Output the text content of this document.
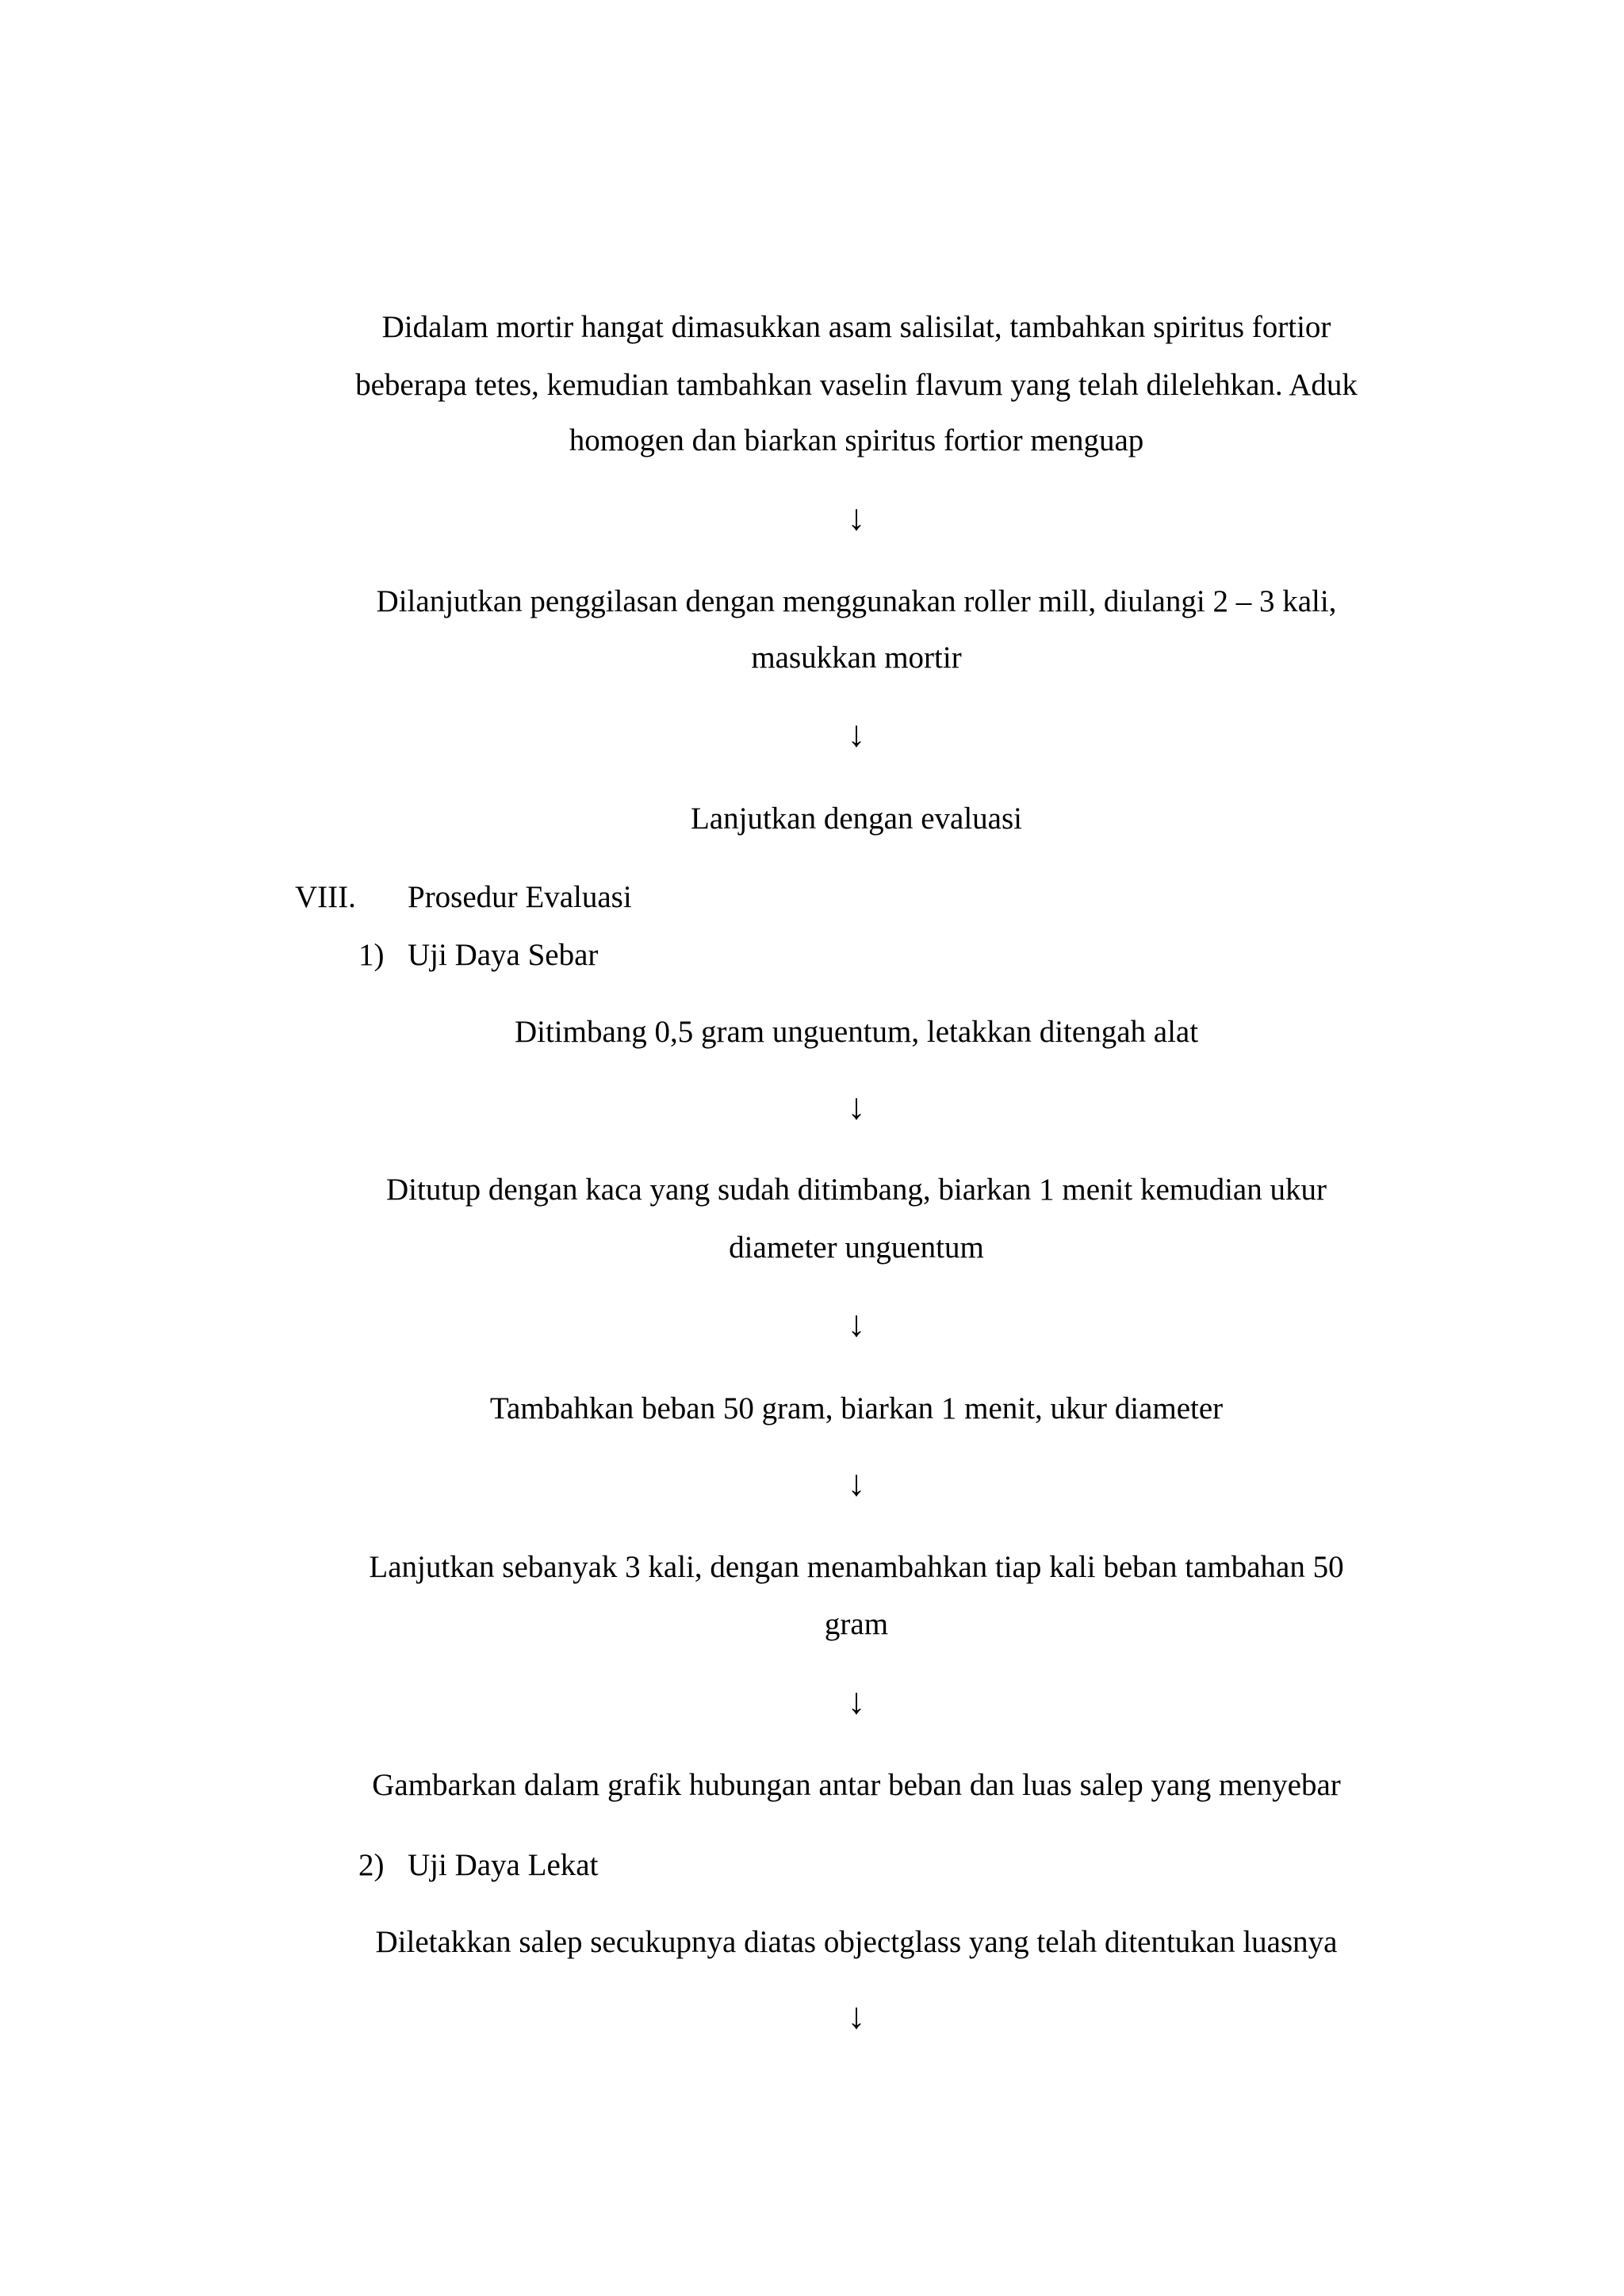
Didalam mortir hangat dimasukkan asam salisilat, tambahkan spiritus fortior
beberapa tetes, kemudian tambahkan vaselin flavum yang telah dilelehkan. Aduk
homogen dan biarkan spiritus fortior menguap
↓
Dilanjutkan penggilasan dengan menggunakan roller mill, diulangi 2 – 3 kali,
masukkan mortir
↓
Lanjutkan dengan evaluasi
VIII. Prosedur Evaluasi
1) Uji Daya Sebar
Ditimbang 0,5 gram unguentum, letakkan ditengah alat
↓
Ditutup dengan kaca yang sudah ditimbang, biarkan 1 menit kemudian ukur
diameter unguentum
↓
Tambahkan beban 50 gram, biarkan 1 menit, ukur diameter
↓
Lanjutkan sebanyak 3 kali, dengan menambahkan tiap kali beban tambahan 50
gram
↓
Gambarkan dalam grafik hubungan antar beban dan luas salep yang menyebar
2) Uji Daya Lekat
Diletakkan salep secukupnya diatas objectglass yang telah ditentukan luasnya
↓
